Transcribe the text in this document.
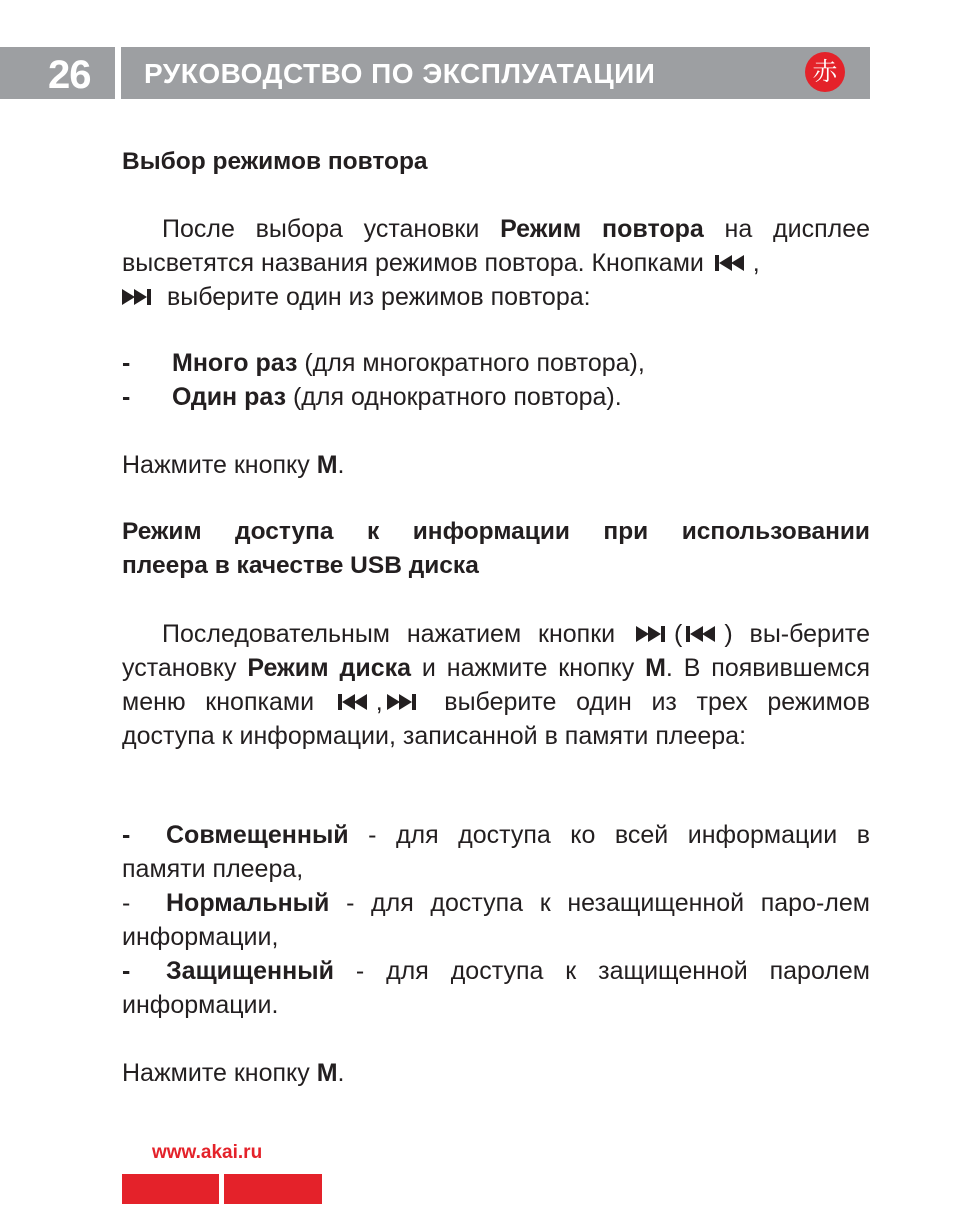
26 РУКОВОДСТВО ПО ЭКСПЛУАТАЦИИ	赤

Выбор режимов повтора

После выбора установки Режим повтора на дисплее высветятся названия режимов повтора. Кнопками
,

выберите один из режимов повтора:

- Много раз (для многократного повтора),
- Один раз (для однократного повтора).

Нажмите кнопку M.

Режим доступа к информации при использовании

плеера в качестве USB диска

Последовательным нажатием кнопки
( ) вы-берите установку Режим диска и нажмите кнопку M. В появившемся меню кнопками
,
выберите один из трех режимов доступа к информации, записанной в памяти плеера:

- Совмещенный - для доступа ко всей информации в памяти плеера,

- Нормальный - для доступа к незащищенной паро-лем информации,

- Защищенный - для доступа к защищенной паролем информации.

Нажмите кнопку M.

www.akai.ru
